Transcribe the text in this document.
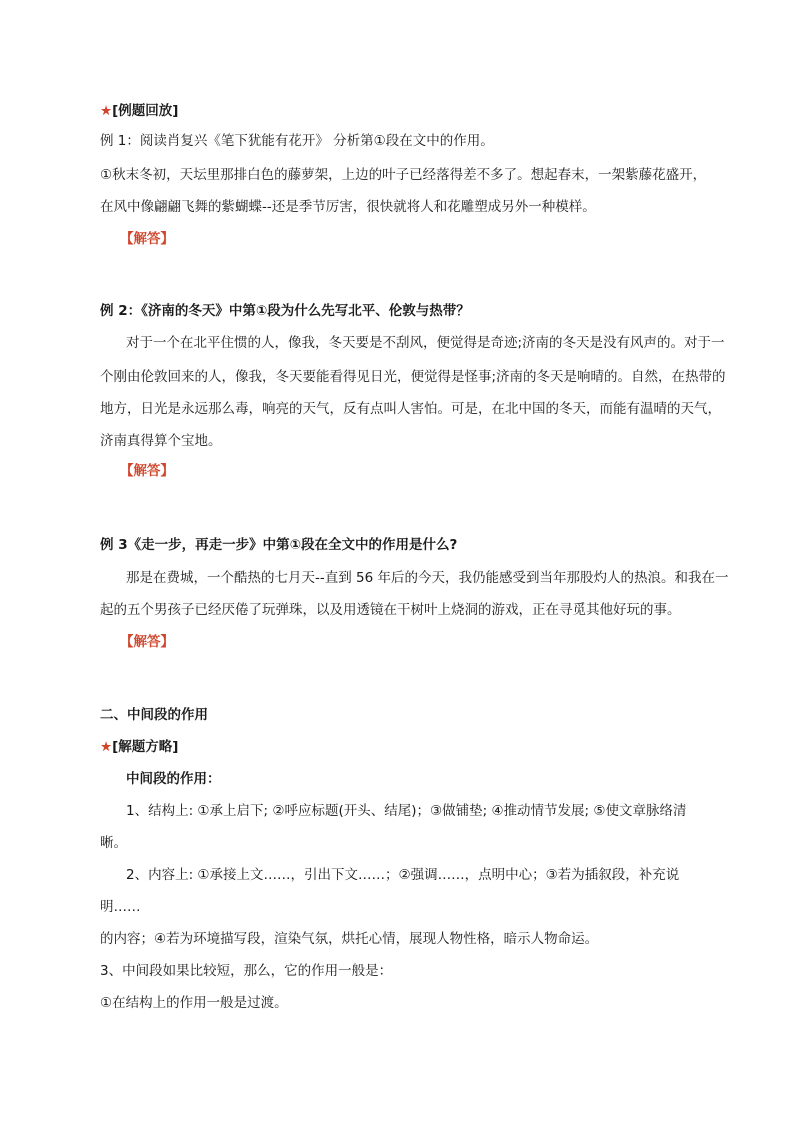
★[例题回放]

例 1：阅读肖复兴《笔下犹能有花开》 分析第①段在文中的作用。

①秋末冬初，天坛里那排白色的藤萝架，上边的叶子已经落得差不多了。想起春末，一架紫藤花盛开，

在风中像翩翩飞舞的紫蝴蝶--还是季节厉害，很快就将人和花雕塑成另外一种模样。

【解答】

例 2：《济南的冬天》中第①段为什么先写北平、伦敦与热带？

对于一个在北平住惯的人，像我，冬天要是不刮风，便觉得是奇迹;济南的冬天是没有风声的。对于一

个刚由伦敦回来的人，像我，冬天要能看得见日光，便觉得是怪事;济南的冬天是响晴的。自然，在热带的

地方，日光是永远那么毒，响亮的天气，反有点叫人害怕。可是，在北中国的冬天，而能有温晴的天气，

济南真得算个宝地。

【解答】

例 3《走一步，再走一步》中第①段在全文中的作用是什么?

那是在费城，一个酷热的七月天--直到 56 年后的今天，我仍能感受到当年那股灼人的热浪。和我在一

起的五个男孩子已经厌倦了玩弹珠，以及用透镜在干树叶上烧洞的游戏，正在寻觅其他好玩的事。

【解答】

二、中间段的作用

★[解题方略]

中间段的作用：

1、结构上: ①承上启下; ②呼应标题(开头、结尾)；③做铺垫; ④推动情节发展; ⑤使文章脉络清

晰。

2、内容上: ①承接上文……，引出下文……；②强调……，点明中心；③若为插叙段，补充说

明……

的内容；④若为环境描写段，渲染气氛，烘托心情，展现人物性格，暗示人物命运。

3、中间段如果比较短，那么，它的作用一般是：

①在结构上的作用一般是过渡。
